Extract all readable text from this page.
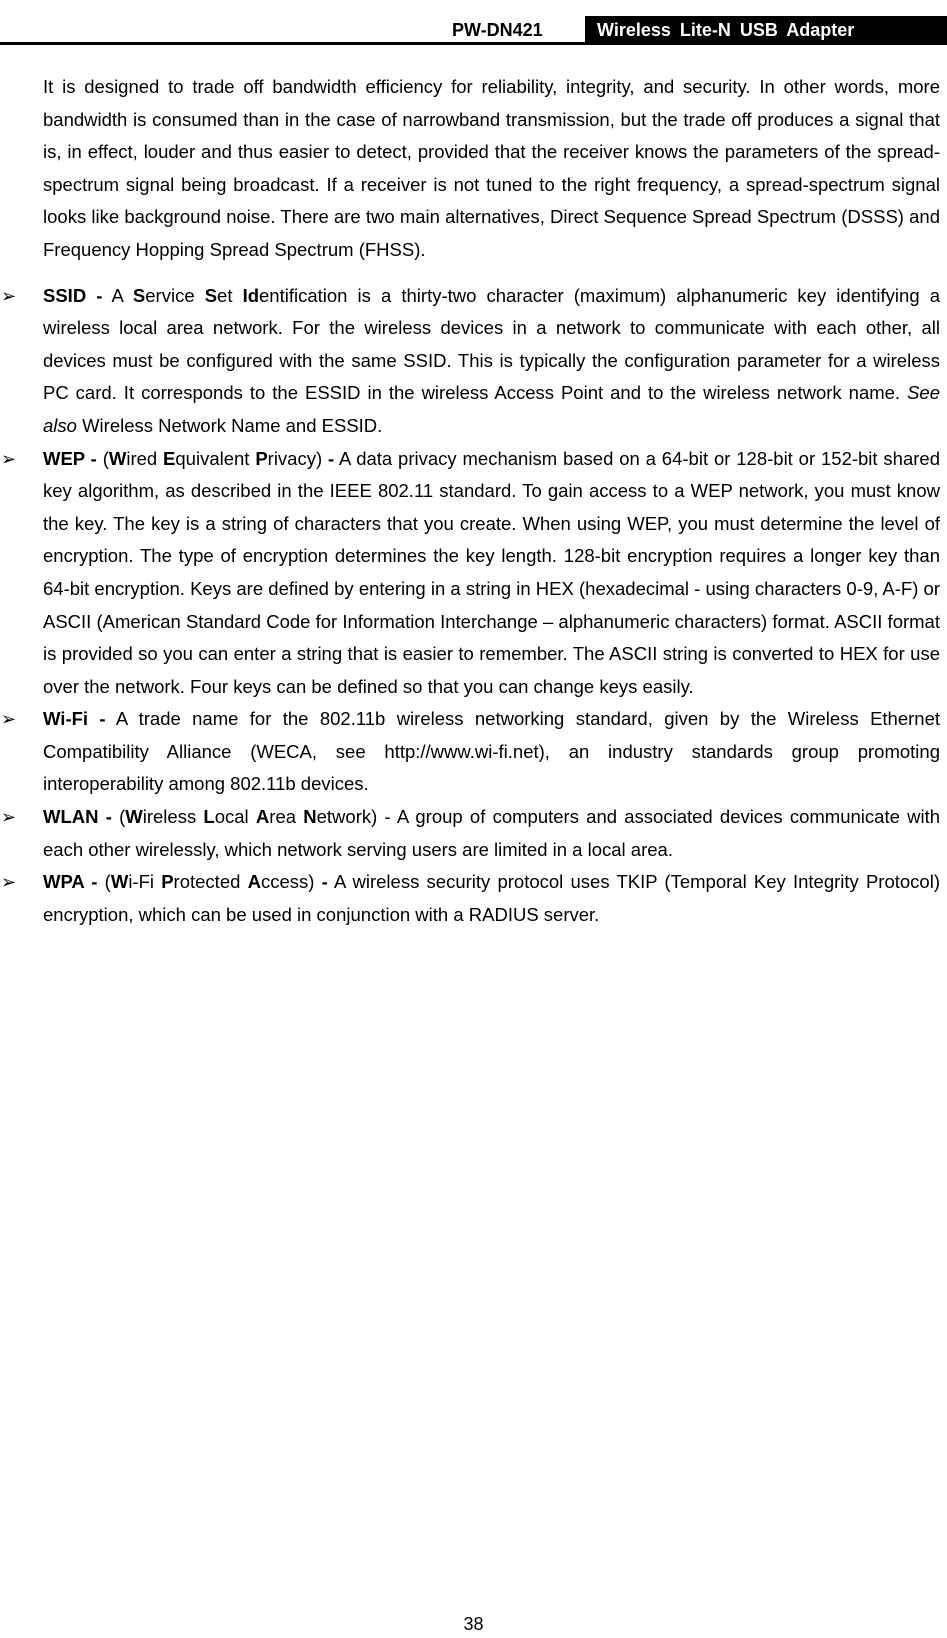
PW-DN421	Wireless Lite-N USB Adapter

It is designed to trade off bandwidth efficiency for reliability, integrity, and security. In other words, more bandwidth is consumed than in the case of narrowband transmission, but the trade off produces a signal that is, in effect, louder and thus easier to detect, provided that the receiver knows the parameters of the spread-spectrum signal being broadcast. If a receiver is not tuned to the right frequency, a spread-spectrum signal looks like background noise. There are two main alternatives, Direct Sequence Spread Spectrum (DSSS) and Frequency Hopping Spread Spectrum (FHSS).

➢ SSID - A Service Set Identification is a thirty-two character (maximum) alphanumeric key identifying a wireless local area network. For the wireless devices in a network to communicate with each other, all devices must be configured with the same SSID. This is typically the configuration parameter for a wireless PC card. It corresponds to the ESSID in the wireless Access Point and to the wireless network name. See also Wireless Network Name and ESSID.

➢ WEP - (Wired Equivalent Privacy) - A data privacy mechanism based on a 64-bit or 128-bit or 152-bit shared key algorithm, as described in the IEEE 802.11 standard. To gain access to a WEP network, you must know the key. The key is a string of characters that you create. When using WEP, you must determine the level of encryption. The type of encryption determines the key length. 128-bit encryption requires a longer key than 64-bit encryption. Keys are defined by entering in a string in HEX (hexadecimal - using characters 0-9, A-F) or ASCII (American Standard Code for Information Interchange – alphanumeric characters) format. ASCII format is provided so you can enter a string that is easier to remember. The ASCII string is converted to HEX for use over the network. Four keys can be defined so that you can change keys easily.

➢ Wi-Fi - A trade name for the 802.11b wireless networking standard, given by the Wireless Ethernet Compatibility Alliance (WECA, see http://www.wi-fi.net), an industry standards group promoting interoperability among 802.11b devices.

➢ WLAN - (Wireless Local Area Network) - A group of computers and associated devices communicate with each other wirelessly, which network serving users are limited in a local area.

➢ WPA - (Wi-Fi Protected Access) - A wireless security protocol uses TKIP (Temporal Key Integrity Protocol) encryption, which can be used in conjunction with a RADIUS server.

38
